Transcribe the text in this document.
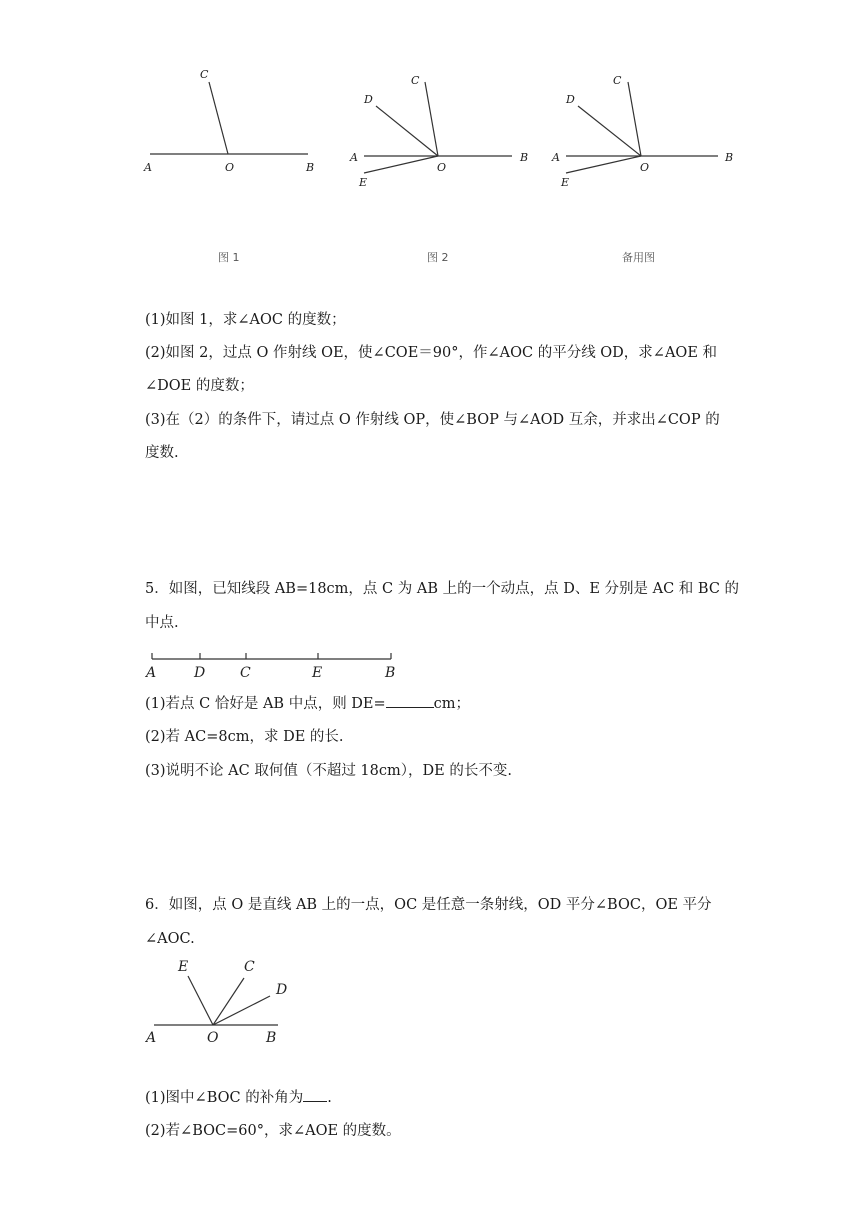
C
A	O	B
图 1
C
D
A
O
B
E
图 2
C
D
A
O
B
E
备用图
(1)如图 1，求∠AOC 的度数；
(2)如图 2，过点 O 作射线 OE，使∠COE＝90°，作∠AOC 的平分线 OD，求∠AOE 和
∠DOE 的度数；
(3)在（2）的条件下，请过点 O 作射线 OP，使∠BOP 与∠AOD 互余，并求出∠COP 的
度数.
5．如图，已知线段 AB=18cm，点 C 为 AB 上的一个动点，点 D、E 分别是 AC 和 BC 的
中点.
A	D C	E	B
(1)若点 C 恰好是 AB 中点，则 DE=	cm；
(2)若 AC=8cm，求 DE 的长.
(3)说明不论 AC 取何值（不超过 18cm），DE 的长不变.
6．如图，点 O 是直线 AB 上的一点，OC 是任意一条射线，OD 平分∠BOC，OE 平分
∠AOC.
E	C
D
A	O	B
(1)图中∠BOC 的补角为 .
(2)若∠BOC=60°，求∠AOE 的度数。
